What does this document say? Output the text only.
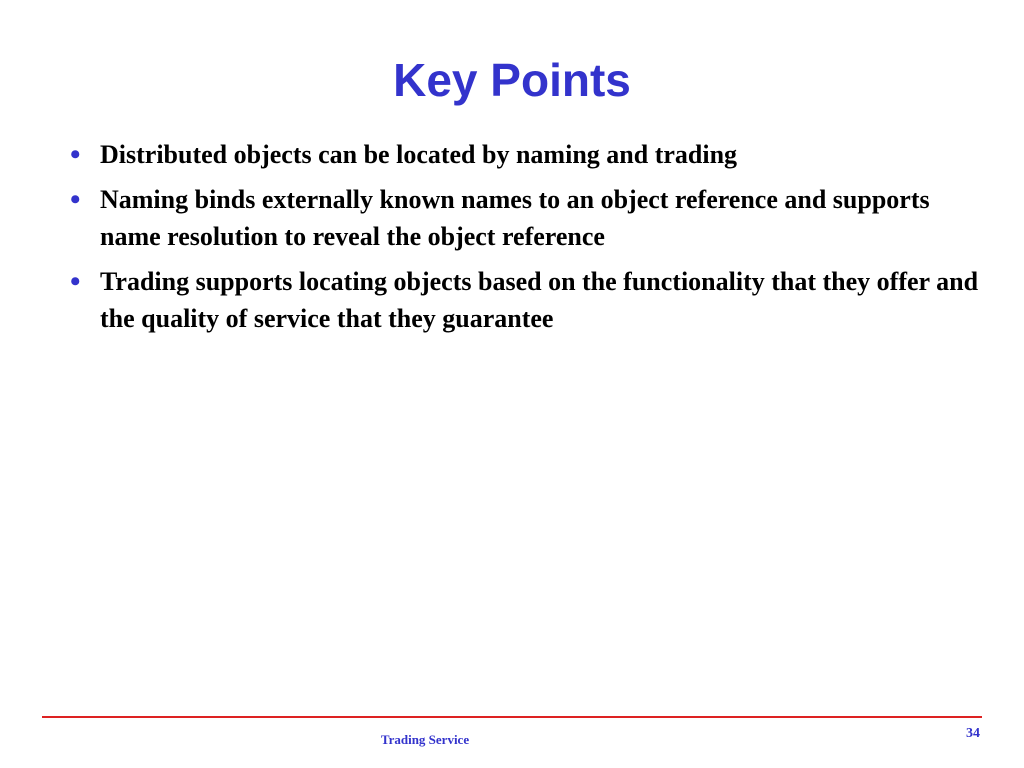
Key Points
• Distributed objects can be located by naming and trading
• Naming binds externally known names to an object reference and supports name resolution to reveal the object reference
• Trading supports locating objects based on the functionality that they offer and the quality of service that they guarantee
Trading Service	34
